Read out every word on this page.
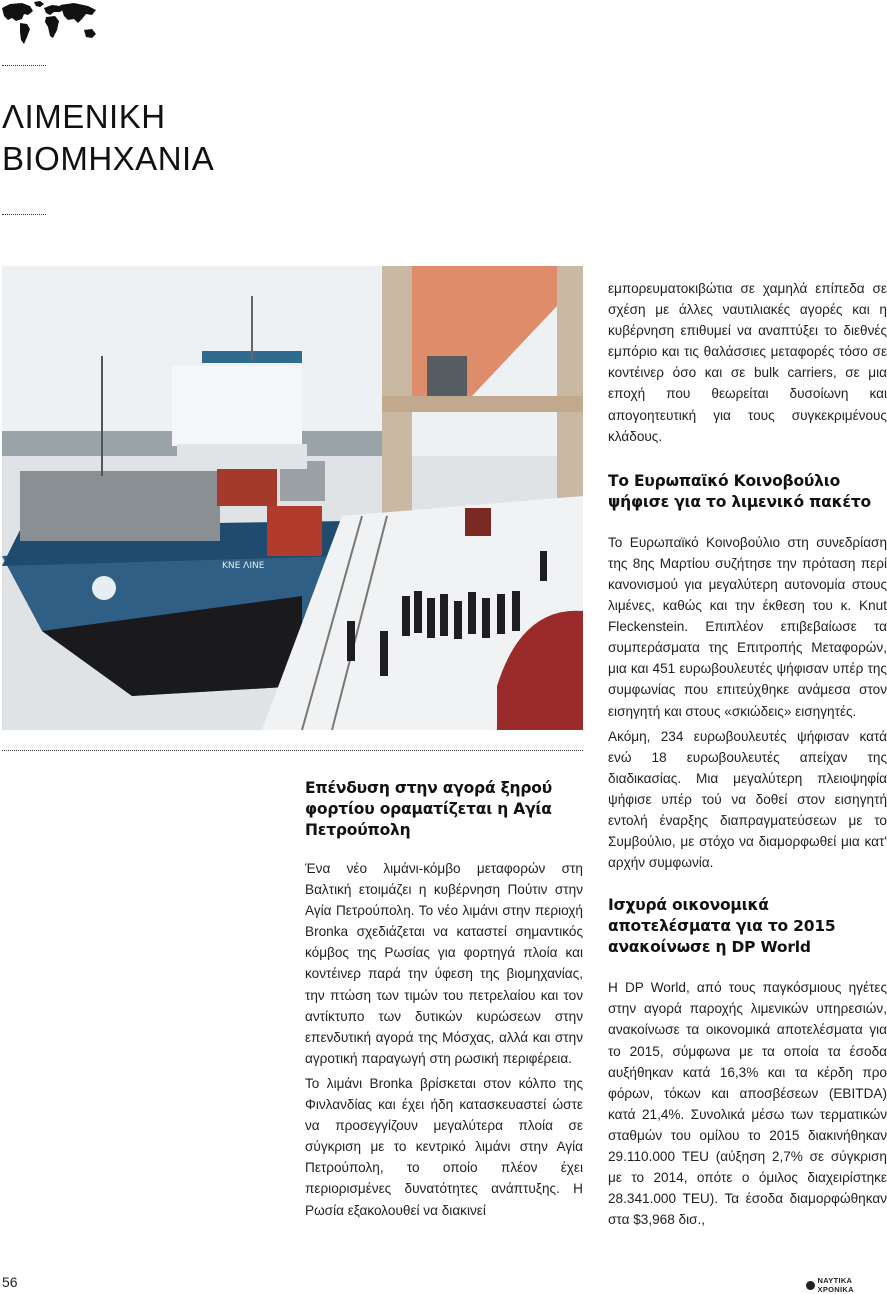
ΛΙΜΕΝΙΚΗ
ΒΙΟΜΗΧΑΝΙΑ
ΚΝΕ ΛΙΝΕ

εμπορευματοκιβώτια σε χαμηλά επίπεδα σε σχέση με άλλες ναυτιλιακές αγορές και η κυβέρνηση επιθυμεί να αναπτύξει το διεθνές εμπόριο και τις θαλάσσιες μεταφορές τόσο σε κοντέινερ όσο και σε bulk carriers, σε μια εποχή που θεωρείται δυσοίωνη και απογοητευτική για τους συγκεκριμένους κλάδους.

Το Ευρωπαϊκό Κοινοβούλιο ψήφισε για το λιμενικό πακέτο

Το Ευρωπαϊκό Κοινοβούλιο στη συνεδρίαση της 8ης Μαρτίου συζήτησε την πρόταση περί κανονισμού για μεγαλύτερη αυτονομία στους λιμένες, καθώς και την έκθεση του κ. Knut Fleckenstein. Επιπλέον επιβεβαίωσε τα συμπεράσματα της Επιτροπής Μεταφορών, μια και 451 ευρωβουλευτές ψήφισαν υπέρ της συμφωνίας που επιτεύχθηκε ανάμεσα στον εισηγητή και στους «σκιώδεις» εισηγητές.

Ακόμη, 234 ευρωβουλευτές ψήφισαν κατά ενώ 18 ευρωβουλευτές απείχαν της διαδικασίας. Μια μεγαλύτερη πλειοψηφία ψήφισε υπέρ τού να δοθεί στον εισηγητή εντολή έναρξης διαπραγματεύσεων με το Συμβούλιο, με στόχο να διαμορφωθεί μια κατ' αρχήν συμφωνία.

Ισχυρά οικονομικά αποτελέσματα για το 2015 ανακοίνωσε η DP World

Η DP World, από τους παγκόσμιους ηγέτες στην αγορά παροχής λιμενικών υπηρεσιών, ανακοίνωσε τα οικονομικά αποτελέσματα για το 2015, σύμφωνα με τα οποία τα έσοδα αυξήθηκαν κατά 16,3% και τα κέρδη προ φόρων, τόκων και αποσβέσεων (EBITDA) κατά 21,4%. Συνολικά μέσω των τερματικών σταθμών του ομίλου το 2015 διακινήθηκαν 29.110.000 TEU (αύξηση 2,7% σε σύγκριση με το 2014, οπότε ο όμιλος διαχειρίστηκε 28.341.000 TEU). Τα έσοδα διαμορφώθηκαν στα $3,968 δισ.,

Επένδυση στην αγορά ξηρού φορτίου οραματίζεται η Αγία Πετρούπολη

Ένα νέο λιμάνι-κόμβο μεταφορών στη Βαλτική ετοιμάζει η κυβέρνηση Πούτιν στην Αγία Πετρούπολη. Το νέο λιμάνι στην περιοχή Bronka σχεδιάζεται να καταστεί σημαντικός κόμβος της Ρωσίας για φορτηγά πλοία και κοντέινερ παρά την ύφεση της βιομηχανίας, την πτώση των τιμών του πετρελαίου και τον αντίκτυπο των δυτικών κυρώσεων στην επενδυτική αγορά της Μόσχας, αλλά και στην αγροτική παραγωγή στη ρωσική περιφέρεια.

Το λιμάνι Bronka βρίσκεται στον κόλπο της Φινλανδίας και έχει ήδη κατασκευαστεί ώστε να προσεγγίζουν μεγαλύτερα πλοία σε σύγκριση με το κεντρικό λιμάνι στην Αγία Πετρούπολη, το οποίο πλέον έχει περιορισμένες δυνατότητες ανάπτυξης. Η Ρωσία εξακολουθεί να διακινεί

56	ΝΑΥΤΙΚΑ ΧΡΟΝΙΚΑ
